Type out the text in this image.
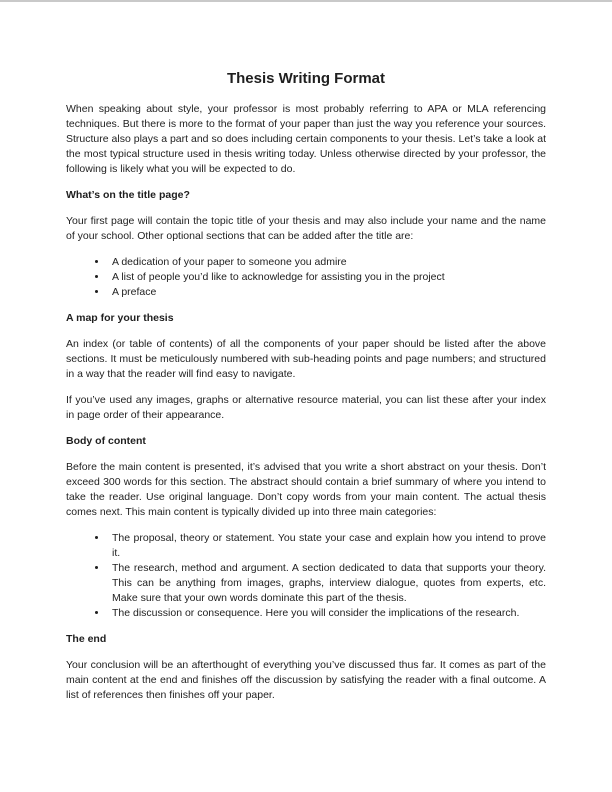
Thesis Writing Format

When speaking about style, your professor is most probably referring to APA or MLA referencing techniques. But there is more to the format of your paper than just the way you reference your sources. Structure also plays a part and so does including certain components to your thesis. Let’s take a look at the most typical structure used in thesis writing today. Unless otherwise directed by your professor, the following is likely what you will be expected to do.

What’s on the title page?

Your first page will contain the topic title of your thesis and may also include your name and the name of your school. Other optional sections that can be added after the title are:

• A dedication of your paper to someone you admire
• A list of people you’d like to acknowledge for assisting you in the project
• A preface
A map for your thesis

An index (or table of contents) of all the components of your paper should be listed after the above sections. It must be meticulously numbered with sub-heading points and page numbers; and structured in a way that the reader will find easy to navigate.

If you’ve used any images, graphs or alternative resource material, you can list these after your index in page order of their appearance.

Body of content

Before the main content is presented, it’s advised that you write a short abstract on your thesis. Don’t exceed 300 words for this section. The abstract should contain a brief summary of where you intend to take the reader. Use original language. Don’t copy words from your main content. The actual thesis comes next. This main content is typically divided up into three main categories:

• The proposal, theory or statement. You state your case and explain how you intend to prove it.
• The research, method and argument. A section dedicated to data that supports your theory. This can be anything from images, graphs, interview dialogue, quotes from experts, etc. Make sure that your own words dominate this part of the thesis.
• The discussion or consequence. Here you will consider the implications of the research.
The end

Your conclusion will be an afterthought of everything you’ve discussed thus far. It comes as part of the main content at the end and finishes off the discussion by satisfying the reader with a final outcome. A list of references then finishes off your paper.
